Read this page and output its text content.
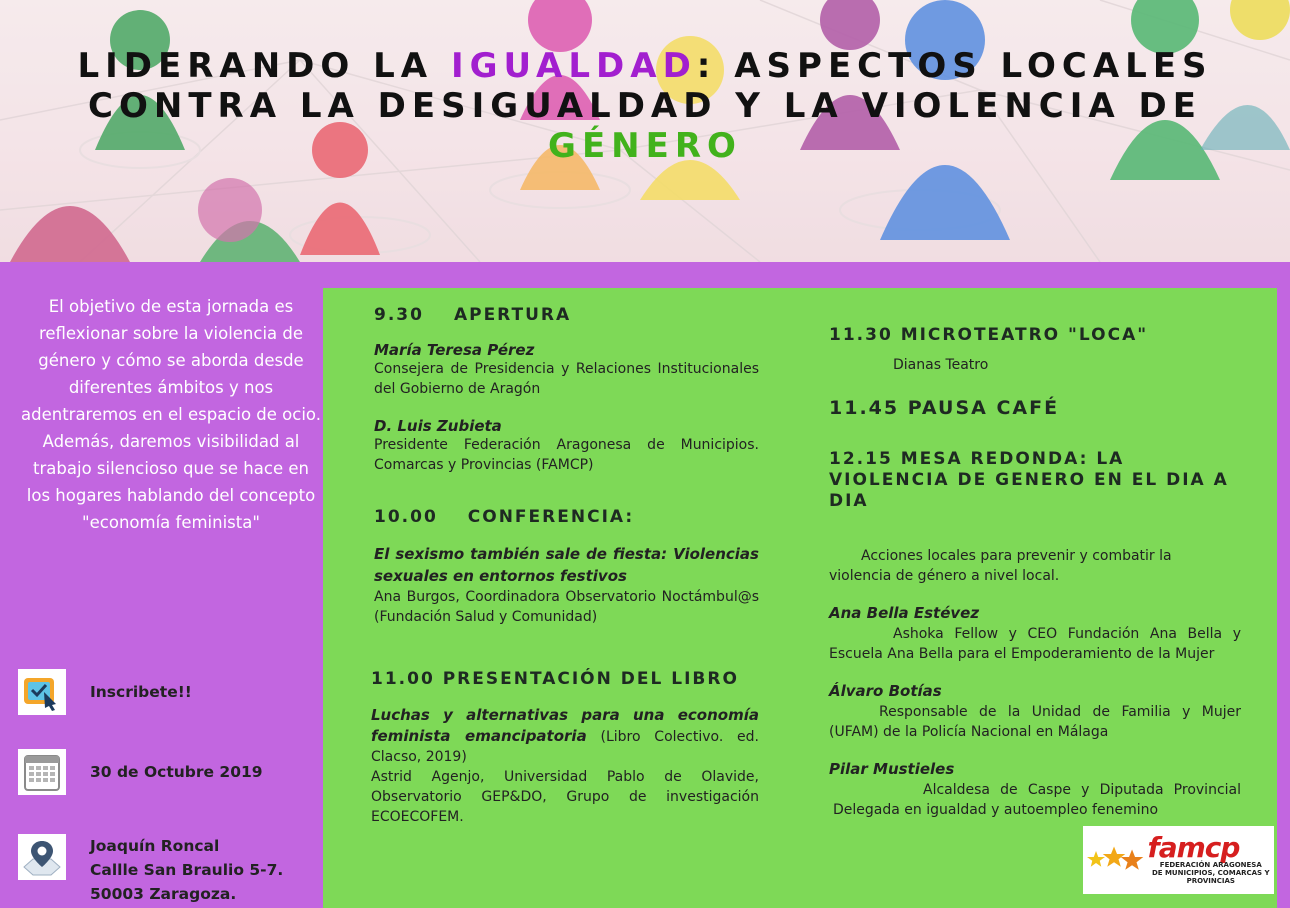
LIDERANDO LA IGUALDAD: ASPECTOS LOCALES
CONTRA LA DESIGUALDAD Y LA VIOLENCIA DE
GÉNERO
El objetivo de esta jornada es reflexionar sobre la violencia de género y cómo se aborda desde diferentes ámbitos y nos adentraremos en el espacio de ocio.
Además, daremos visibilidad al trabajo silencioso que se hace en los hogares hablando del concepto "economía feminista"
Inscribete!!
30 de Octubre 2019
Joaquín Roncal
Callle San Braulio 5-7.
50003 Zaragoza.
9.30 APERTURA
María Teresa Pérez
Consejera de Presidencia y Relaciones Institucionales del Gobierno de Aragón
D. Luis Zubieta
Presidente Federación Aragonesa de Municipios. Comarcas y Provincias (FAMCP)
10.00 CONFERENCIA:
El sexismo también sale de fiesta: Violencias sexuales en entornos festivos
Ana Burgos, Coordinadora Observatorio Noctámbul@s (Fundación Salud y Comunidad)
11.00 PRESENTACIÓN DEL LIBRO
Luchas y alternativas para una economía feminista emancipatoria (Libro Colectivo. ed. Clacso, 2019)
Astrid Agenjo, Universidad Pablo de Olavide, Observatorio GEP&DO, Grupo de investigación ECOECOFEM.
11.30 MICROTEATRO "LOCA"
Dianas Teatro
11.45 PAUSA CAFÉ
12.15 MESA REDONDA: LA VIOLENCIA DE GENERO EN EL DIA A DIA
Acciones locales para prevenir y combatir la violencia de género a nivel local.
Ana Bella Estévez
Ashoka Fellow y CEO Fundación Ana Bella y Escuela Ana Bella para el Empoderamiento de la Mujer
Álvaro Botías
Responsable de la Unidad de Familia y Mujer (UFAM) de la Policía Nacional en Málaga
Pilar Mustieles
Alcaldesa de Caspe y Diputada Provincial Delegada en igualdad y autoempleo fenemino
famcp
FEDERACIÓN ARAGONESA
DE MUNICIPIOS, COMARCAS Y PROVINCIAS
